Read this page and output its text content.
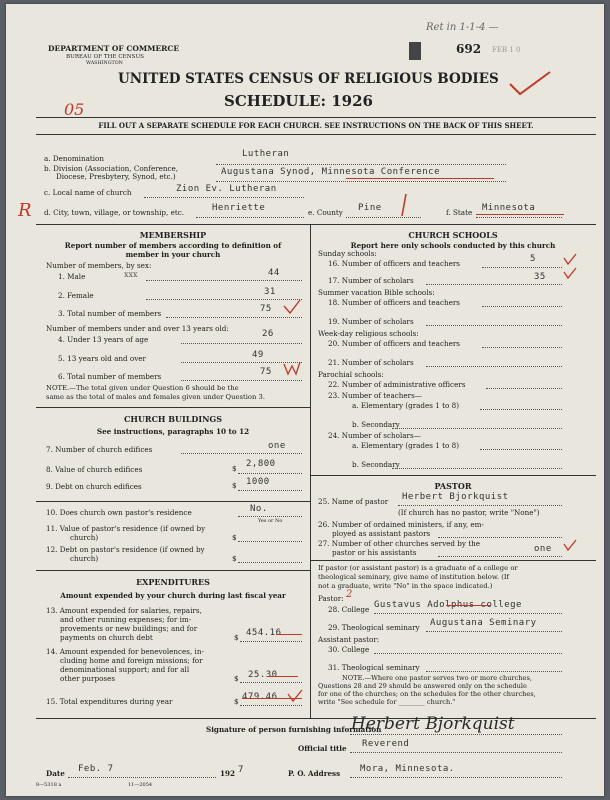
DEPARTMENT OF COMMERCE
BUREAU OF THE CENSUS
WASHINGTON
UNITED STATES CENSUS OF RELIGIOUS BODIES
SCHEDULE: 1926
692 FEB 1 0
Ret in 1-1-4 —
05
R
FILL OUT A SEPARATE SCHEDULE FOR EACH CHURCH. SEE INSTRUCTIONS ON THE BACK OF THIS SHEET.
a. Denomination	Lutheran
b. Division (Association, Conference,
Diocese, Presbytery, Synod, etc.)	Augustana Synod, Minnesota Conference
c. Local name of church	Zion Ev. Lutheran
d. City, town, village, or township, etc.	Henriette	e. County Pine	f. State Minnesota
MEMBERSHIP
Report number of members according to definition of
member in your church
Number of members, by sex:
1. Male	xxx	44
2. Female	31
3. Total number of members	75
Number of members under and over 13 years old:
4. Under 13 years of age
26
5. 13 years old and over	49
6. Total number of members	75
NOTE.—The total given under Question 6 should be the
same as the total of males and females given under Question 3.
CHURCH BUILDINGS
See instructions, paragraphs 10 to 12
7. Number of church edifices	one
8. Value of church edifices	$ 2,800
9. Debt on church edifices	$ 1000
10. Does church own pastor's residence	No.
Yes or No
11. Value of pastor's residence (if owned by
church)	$
12. Debt on pastor's residence (if owned by
church)	$
EXPENDITURES
Amount expended by your church during last fiscal year
13. Amount expended for salaries, repairs,
and other running expenses; for im-
provements or new buildings; and for
payments on church debt	$ 454.16
14. Amount expended for benevolences, in-
cluding home and foreign missions; for
denominational support; and for all
other purposes	$ 25.30
15. Total expenditures during year	$ 479.46
CHURCH SCHOOLS
Report here only schools conducted by this church
Sunday schools:
16. Number of officers and teachers	5
17. Number of scholars	35
Summer vacation Bible schools:
18. Number of officers and teachers
19. Number of scholars
Week-day religious schools:
20. Number of officers and teachers
21. Number of scholars
Parochial schools:
22. Number of administrative officers
23. Number of teachers—
a. Elementary (grades 1 to 8)
b. Secondary
24. Number of scholars—
a. Elementary (grades 1 to 8)
b. Secondary
PASTOR
25. Name of pastor Herbert Bjorkquist
(If church has no pastor, write "None")
26. Number of ordained ministers, if any, em-
ployed as assistant pastors
27. Number of other churches served by the
pastor or his assistants	one
If pastor (or assistant pastor) is a graduate of a college or
theological seminary, give name of institution below. (If
not a graduate, write "No" in the space indicated.)
Pastor: 2
28. College Gustavus Adolphus college
29. Theological seminary Augustana Seminary
Assistant pastor:
30. College
31. Theological seminary
NOTE.—Where one pastor serves two or more churches,
Questions 28 and 29 should be answered only on the schedule
for one of the churches; on the schedules for the other churches,
write "See schedule for ________ church."
Signature of person furnishing information
Herbert Bjorkquist
Official title Reverend
Date Feb. 7	192 7	P. O. Address Mora, Minnesota.
8—5318 a	11—2054
